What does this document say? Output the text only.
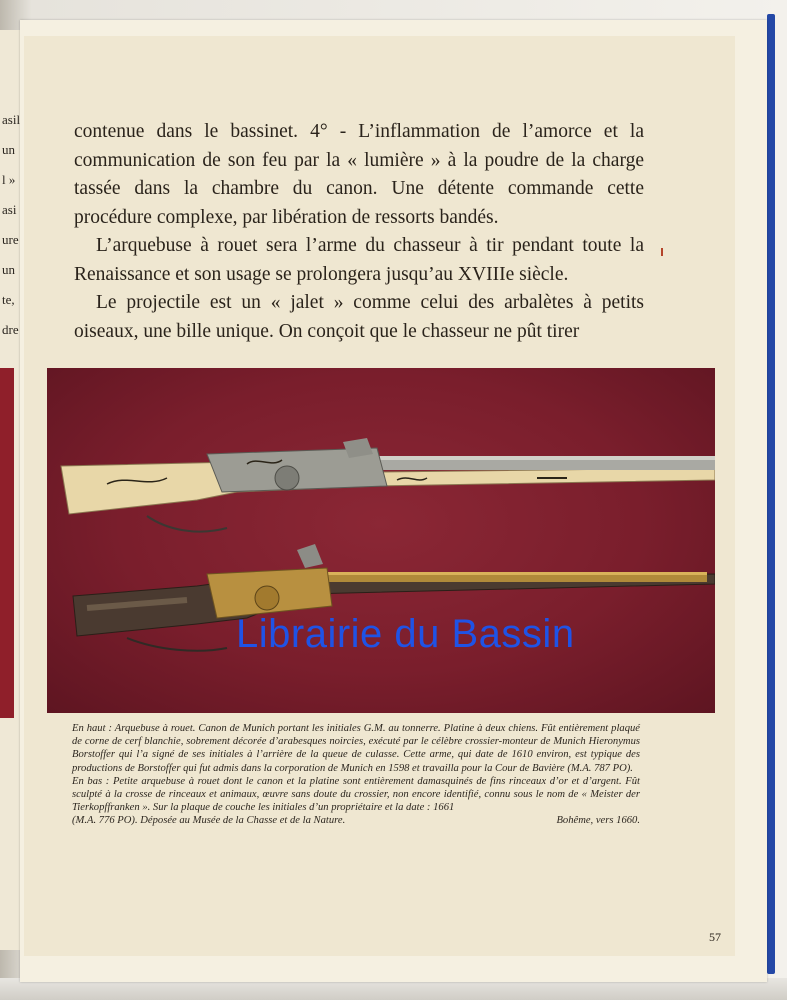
asil
un
l »
asi
ure
un
te,
dre

contenue dans le bassinet. 4° - L’inflammation de l’amorce et la communication de son feu par la « lumière » à la poudre de la charge tassée dans la chambre du canon. Une détente commande cette procédure complexe, par libération de ressorts bandés.

L’arquebuse à rouet sera l’arme du chasseur à tir pendant toute la Renaissance et son usage se prolongera jusqu’au XVIIIe siècle.

Le projectile est un « jalet » comme celui des arbalètes à petits oiseaux, une bille unique. On conçoit que le chasseur ne pût tirer

Librairie du Bassin

En haut : Arquebuse à rouet. Canon de Munich portant les initiales G.M. au tonnerre. Platine à deux chiens. Fût entièrement plaqué de corne de cerf blanchie, sobrement décorée d’arabesques noircies, exécuté par le célèbre crossier-monteur de Munich Hieronymus Borstoffer qui l’a signé de ses initiales à l’arrière de la queue de culasse. Cette arme, qui date de 1610 environ, est typique des productions de Borstoffer qui fut admis dans la corporation de Munich en 1598 et travailla pour la Cour de Bavière (M.A. 787 PO).

En bas : Petite arquebuse à rouet dont le canon et la platine sont entièrement damasquinés de fins rinceaux d’or et d’argent. Fût sculpté à la crosse de rinceaux et animaux, œuvre sans doute du crossier, non encore identifié, connu sous le nom de « Meister der Tierkopffranken ». Sur la plaque de couche les initiales d’un propriétaire et la date : 1661

(M.A. 776 PO). Déposée au Musée de la Chasse et de la Nature.	Bohême, vers 1660.
57
